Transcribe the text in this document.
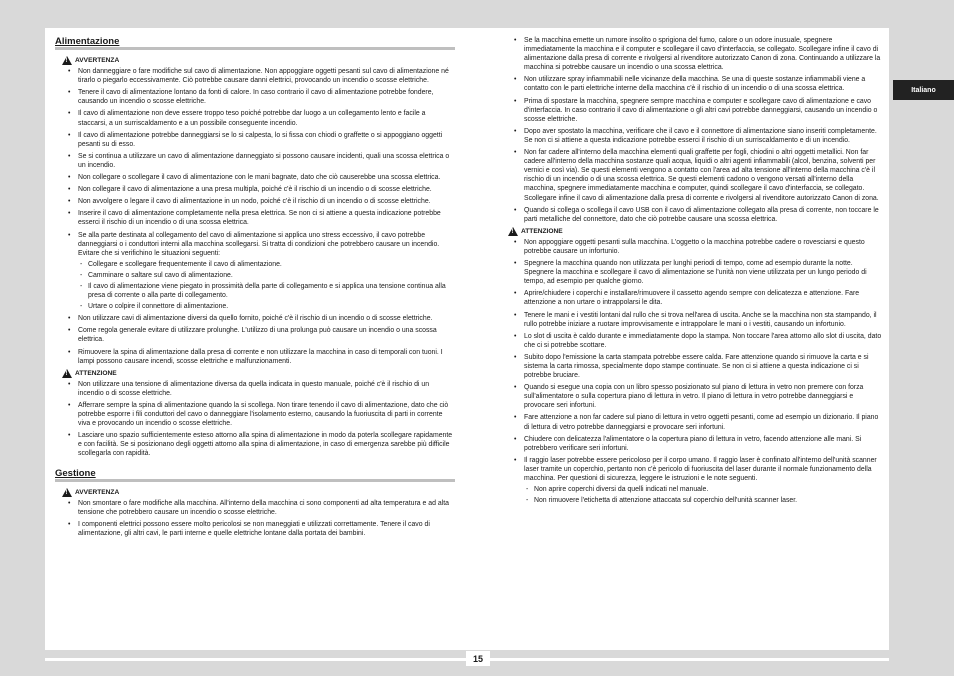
Alimentazione
!
AVVERTENZA
• Non danneggiare o fare modifiche sul cavo di alimentazione. Non appoggiare oggetti pesanti sul cavo di alimentazione né tirarlo o piegarlo eccessivamente. Ciò potrebbe causare danni elettrici, provocando un incendio o scosse elettriche.
• Tenere il cavo di alimentazione lontano da fonti di calore. In caso contrario il cavo di alimentazione potrebbe fondere, causando un incendio o scosse elettriche.
• Il cavo di alimentazione non deve essere troppo teso poiché potrebbe dar luogo a un collegamento lento e facile a staccarsi, a un surriscaldamento e a un possibile conseguente incendio.
• Il cavo di alimentazione potrebbe danneggiarsi se lo si calpesta, lo si fissa con chiodi o graffette o si appoggiano oggetti pesanti su di esso.
• Se si continua a utilizzare un cavo di alimentazione danneggiato si possono causare incidenti, quali una scossa elettrica o un incendio.
• Non collegare o scollegare il cavo di alimentazione con le mani bagnate, dato che ciò causerebbe una scossa elettrica.
• Non collegare il cavo di alimentazione a una presa multipla, poiché c'è il rischio di un incendio o di scosse elettriche.
• Non avvolgere o legare il cavo di alimentazione in un nodo, poiché c'è il rischio di un incendio o di scosse elettriche.
• Inserire il cavo di alimentazione completamente nella presa elettrica. Se non ci si attiene a questa indicazione potrebbe esserci il rischio di un incendio o di una scossa elettrica.
• Se alla parte destinata al collegamento del cavo di alimentazione si applica uno stress eccessivo, il cavo potrebbe danneggiarsi o i conduttori interni alla macchina scollegarsi. Si tratta di condizioni che potrebbero causare un incendio. Evitare che si verifichino le situazioni seguenti:
- Collegare e scollegare frequentemente il cavo di alimentazione.
- Camminare o saltare sul cavo di alimentazione.
- Il cavo di alimentazione viene piegato in prossimità della parte di collegamento e si applica una tensione continua alla presa di corrente o alla parte di collegamento.
- Urtare o colpire il connettore di alimentazione.
• Non utilizzare cavi di alimentazione diversi da quello fornito, poiché c'è il rischio di un incendio o di scosse elettriche.
• Come regola generale evitare di utilizzare prolunghe. L'utilizzo di una prolunga può causare un incendio o una scossa elettrica.
• Rimuovere la spina di alimentazione dalla presa di corrente e non utilizzare la macchina in caso di temporali con tuoni. I lampi possono causare incendi, scosse elettriche e malfunzionamenti.
!
ATTENZIONE
• Non utilizzare una tensione di alimentazione diversa da quella indicata in questo manuale, poiché c'è il rischio di un incendio o di scosse elettriche.
• Afferrare sempre la spina di alimentazione quando la si scollega. Non tirare tenendo il cavo di alimentazione, dato che ciò potrebbe esporre i fili conduttori del cavo o danneggiare l'isolamento esterno, causando la fuoriuscita di parti in corrente viva e provocando un incendio o scosse elettriche.
• Lasciare uno spazio sufficientemente esteso attorno alla spina di alimentazione in modo da poterla scollegare rapidamente e con facilità. Se si posizionano degli oggetti attorno alla spina di alimentazione, in caso di emergenza sarebbe più difficile scollegarla con rapidità.
Gestione
!
AVVERTENZA
• Non smontare o fare modifiche alla macchina. All'interno della macchina ci sono componenti ad alta temperatura e ad alta tensione che potrebbero causare un incendio o scosse elettriche.
• I componenti elettrici possono essere molto pericolosi se non maneggiati e utilizzati correttamente. Tenere il cavo di alimentazione, gli altri cavi, le parti interne e quelle elettriche lontane dalla portata dei bambini.
• Se la macchina emette un rumore insolito o sprigiona del fumo, calore o un odore inusuale, spegnere immediatamente la macchina e il computer e scollegare il cavo d'interfaccia, se collegato. Scollegare infine il cavo di alimentazione dalla presa di corrente e rivolgersi al rivenditore autorizzato Canon di zona. Continuando a utilizzare la macchina si potrebbe causare un incendio o una scossa elettrica.
• Non utilizzare spray infiammabili nelle vicinanze della macchina. Se una di queste sostanze infiammabili viene a contatto con le parti elettriche interne della macchina c'è il rischio di un incendio o di una scossa elettrica.
• Prima di spostare la macchina, spegnere sempre macchina e computer e scollegare cavo di alimentazione e cavo d'interfaccia. In caso contrario il cavo di alimentazione o gli altri cavi potrebbe danneggiarsi, causando un incendio o scosse elettriche.
• Dopo aver spostato la macchina, verificare che il cavo e il connettore di alimentazione siano inseriti completamente. Se non ci si attiene a questa indicazione potrebbe esserci il rischio di un surriscaldamento e di un incendio.
• Non far cadere all'interno della macchina elementi quali graffette per fogli, chiodini o altri oggetti metallici. Non far cadere all'interno della macchina sostanze quali acqua, liquidi o altri agenti infiammabili (alcol, benzina, solventi per vernici e così via). Se questi elementi vengono a contatto con l'area ad alta tensione all'interno della macchina c'è il rischio di un incendio o di una scossa elettrica. Se questi elementi cadono o vengono versati all'interno della macchina, spegnere immediatamente macchina e computer, quindi scollegare il cavo d'interfaccia, se collegato. Scollegare infine il cavo di alimentazione dalla presa di corrente e rivolgersi al rivenditore autorizzato Canon di zona.
• Quando si collega o scollega il cavo USB con il cavo di alimentazione collegato alla presa di corrente, non toccare le parti metalliche del connettore, dato che ciò potrebbe causare una scossa elettrica.
!
ATTENZIONE
• Non appoggiare oggetti pesanti sulla macchina. L'oggetto o la macchina potrebbe cadere o rovesciarsi e questo potrebbe causare un infortunio.
• Spegnere la macchina quando non utilizzata per lunghi periodi di tempo, come ad esempio durante la notte. Spegnere la macchina e scollegare il cavo di alimentazione se l'unità non viene utilizzata per un lungo periodo di tempo, ad esempio per qualche giorno.
• Aprire/chiudere i coperchi e installare/rimuovere il cassetto agendo sempre con delicatezza e attenzione. Fare attenzione a non urtare o intrappolarsi le dita.
• Tenere le mani e i vestiti lontani dal rullo che si trova nell'area di uscita. Anche se la macchina non sta stampando, il rullo potrebbe iniziare a ruotare improvvisamente e intrappolare le mani o i vestiti, causando un infortunio.
• Lo slot di uscita è caldo durante e immediatamente dopo la stampa. Non toccare l'area attorno allo slot di uscita, dato che ci si potrebbe scottare.
• Subito dopo l'emissione la carta stampata potrebbe essere calda. Fare attenzione quando si rimuove la carta e si sistema la carta rimossa, specialmente dopo stampe continuate. Se non ci si attiene a questa indicazione ci si potrebbe bruciare.
• Quando si esegue una copia con un libro spesso posizionato sul piano di lettura in vetro non premere con forza sull'alimentatore o sulla copertura piano di lettura in vetro. Il piano di lettura in vetro potrebbe danneggiarsi e provocare seri infortuni.
• Fare attenzione a non far cadere sul piano di lettura in vetro oggetti pesanti, come ad esempio un dizionario. Il piano di lettura di vetro potrebbe danneggiarsi e provocare seri infortuni.
• Chiudere con delicatezza l'alimentatore o la copertura piano di lettura in vetro, facendo attenzione alle mani. Si potrebbero verificare seri infortuni.
• Il raggio laser potrebbe essere pericoloso per il corpo umano. Il raggio laser è confinato all'interno dell'unità scanner laser tramite un coperchio, pertanto non c'è pericolo di fuoriuscita del laser durante il normale funzionamento della macchina. Per questioni di sicurezza, leggere le istruzioni e le note seguenti.
- Non aprire coperchi diversi da quelli indicati nel manuale.
- Non rimuovere l'etichetta di attenzione attaccata sul coperchio dell'unità scanner laser.
Italiano
15
